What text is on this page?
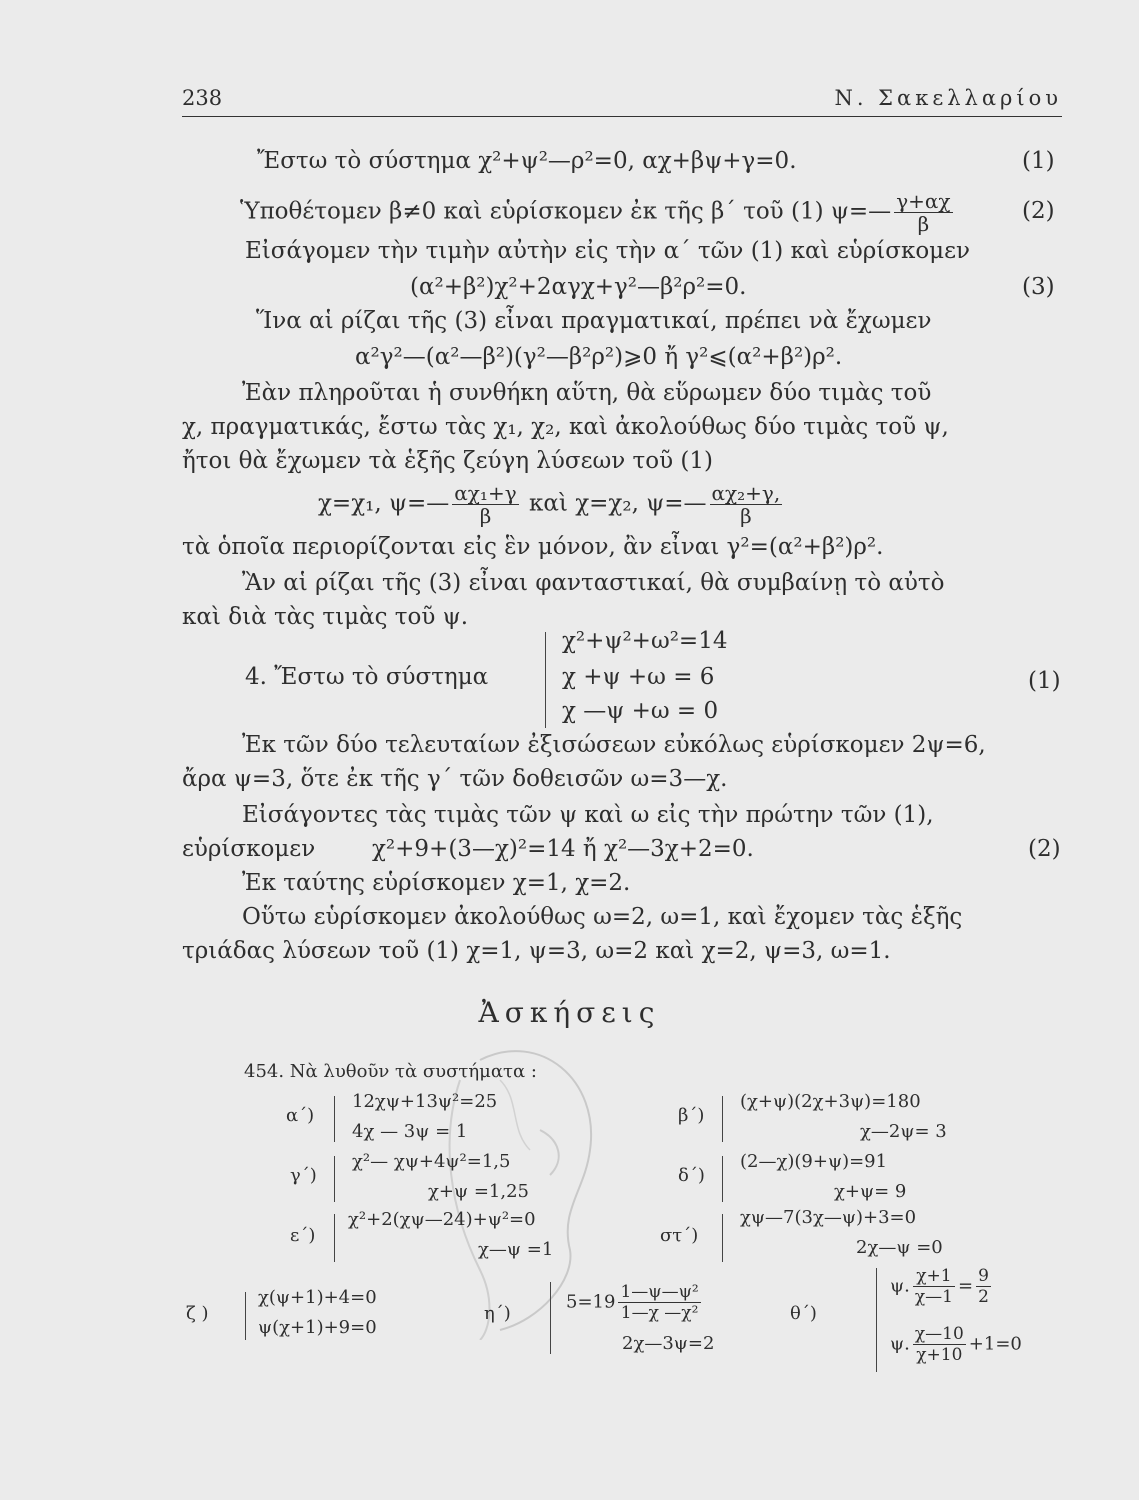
238	Ν. Σακελλαρίου
Ἔστω τὸ σύστημα χ²+ψ²—ρ²=0, αχ+βψ+γ=0.	(1)
Ὑποθέτομεν β≠0 καὶ εὑρίσκομεν ἐκ τῆς β΄ τοῦ (1) ψ=— $\frac{\gamma+\alpha\chi}{\beta}$	(2)
Εἰσάγομεν τὴν τιμὴν αὐτὴν εἰς τὴν α΄ τῶν (1) καὶ εὑρίσκομεν
(α²+β²)χ²+2αγχ+γ²—β²ρ²=0.	(3)
Ἵνα αἱ ρίζαι τῆς (3) εἶναι πραγματικαί, πρέπει νὰ ἔχωμεν
α²γ²—(α²—β²)(γ²—β²ρ²)⩾0 ἤ γ²⩽(α²+β²)ρ².
Ἐὰν πληροῦται ἡ συνθήκη αὕτη, θὰ εὕρωμεν δύο τιμὰς τοῦ
χ, πραγματικάς, ἔστω τὰς χ₁, χ₂, καὶ ἀκολούθως δύο τιμὰς τοῦ ψ,
ἤτοι θὰ ἔχωμεν τὰ ἑξῆς ζεύγη λύσεων τοῦ (1)
χ=χ₁, ψ=— $\frac{\text{αχ₁+γ}}{\beta}$ καὶ χ=χ₂, ψ=— $\frac{\text{αχ₂+γ,}}{\beta}$
τὰ ὁποῖα περιορίζονται εἰς ἓν μόνον, ἂν εἶναι γ²=(α²+β²)ρ².
Ἂν αἱ ρίζαι τῆς (3) εἶναι φανταστικαί, θὰ συμβαίνῃ τὸ αὐτὸ
καὶ διὰ τὰς τιμὰς τοῦ ψ.
4. Ἔστω τὸ σύστημα
χ²+ψ²+ω²=14
χ +ψ +ω = 6
χ —ψ +ω = 0
(1)
Ἐκ τῶν δύο τελευταίων ἐξισώσεων εὐκόλως εὑρίσκομεν 2ψ=6,
ἄρα ψ=3, ὅτε ἐκ τῆς γ΄ τῶν δοθεισῶν ω=3—χ.
Εἰσάγοντες τὰς τιμὰς τῶν ψ καὶ ω εἰς τὴν πρώτην τῶν (1),
εὑρίσκομεν χ²+9+(3—χ)²=14 ἤ χ²—3χ+2=0.	(2)
Ἐκ ταύτης εὑρίσκομεν χ=1, χ=2.
Οὕτω εὑρίσκομεν ἀκολούθως ω=2, ω=1, καὶ ἔχομεν τὰς ἑξῆς
τριάδας λύσεων τοῦ (1) χ=1, ψ=3, ω=2 καὶ χ=2, ψ=3, ω=1.
Ἀσκήσεις
454. Νὰ λυθοῦν τὰ συστήματα :
α΄)
12χψ+13ψ²=25
4χ — 3ψ = 1
β΄)
(χ+ψ)(2χ+3ψ)=180
χ—2ψ= 3
γ΄)
χ²— χψ+4ψ²=1,5
χ+ψ =1,25
δ΄)
(2—χ)(9+ψ)=91
χ+ψ= 9
ε΄)
χ²+2(χψ—24)+ψ²=0
χ—ψ =1
στ΄)
χψ—7(3χ—ψ)+3=0
2χ—ψ =0
ζ )
χ(ψ+1)+4=0
ψ(χ+1)+9=0
η΄)
$5=19 \frac{\text{1—ψ—ψ²}}{\text{1—χ —χ²}}$
2χ—3ψ=2
θ΄)
ψ. $\frac{\chi+1}{\chi—1} = \frac{9}{2}$
ψ. $\frac{\chi—10}{\chi+10} +1=0$
